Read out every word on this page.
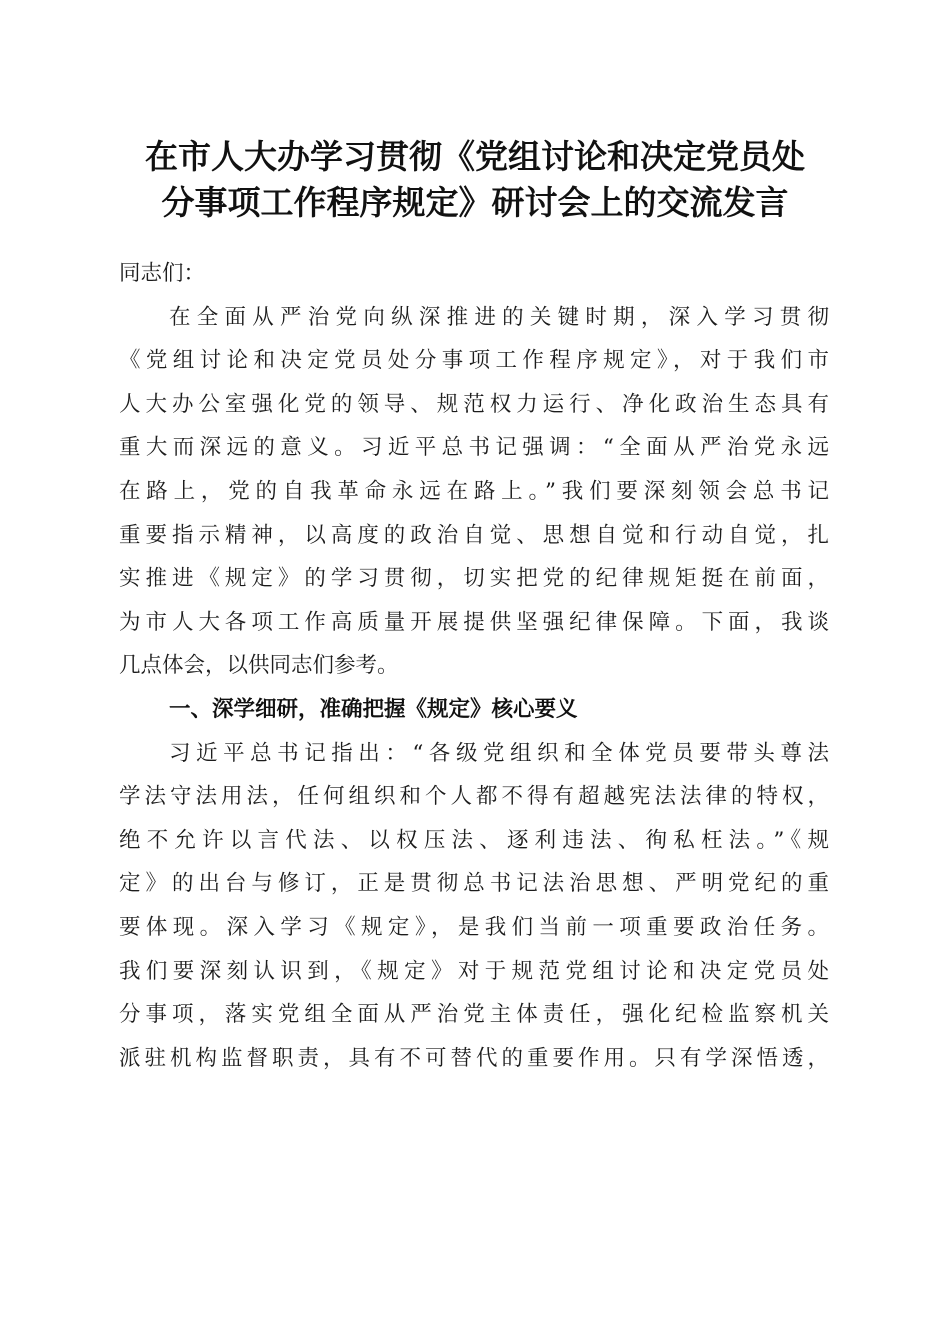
在市人大办学习贯彻《党组讨论和决定党员处
分事项工作程序规定》研讨会上的交流发言
同志们：
在全面从严治党向纵深推进的关键时期，深入学习贯彻
《党组讨论和决定党员处分事项工作程序规定》，对于我们市
人大办公室强化党的领导、规范权力运行、净化政治生态具有
重大而深远的意义。习近平总书记强调：“全面从严治党永远
在路上，党的自我革命永远在路上。”我们要深刻领会总书记
重要指示精神，以高度的政治自觉、思想自觉和行动自觉，扎
实推进《规定》的学习贯彻，切实把党的纪律规矩挺在前面，
为市人大各项工作高质量开展提供坚强纪律保障。下面，我谈
几点体会，以供同志们参考。
一、深学细研，准确把握《规定》核心要义
习近平总书记指出：“各级党组织和全体党员要带头尊法
学法守法用法，任何组织和个人都不得有超越宪法法律的特权，
绝不允许以言代法、以权压法、逐利违法、徇私枉法。”《规
定》的出台与修订，正是贯彻总书记法治思想、严明党纪的重
要体现。深入学习《规定》，是我们当前一项重要政治任务。
我们要深刻认识到，《规定》对于规范党组讨论和决定党员处
分事项，落实党组全面从严治党主体责任，强化纪检监察机关
派驻机构监督职责，具有不可替代的重要作用。只有学深悟透，
